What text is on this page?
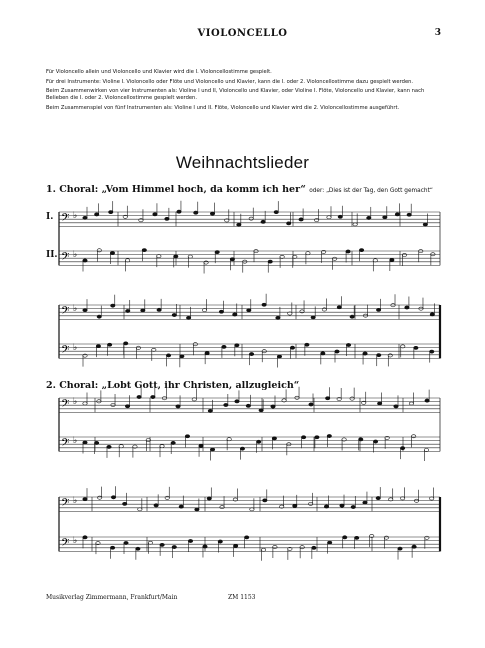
VIOLONCELLO	3

Für Violoncello allein und Violoncello und Klavier wird die I. Violoncellostimme gespielt.

Für drei Instrumente: Violine I. Violoncello oder Flöte und Violoncello und Klavier, kann die I. oder 2. Violoncellostimme dazu gespielt werden.

Beim Zusammenwirken von vier Instrumenten als: Violine I und II, Violoncello und Klavier, oder Violine I. Flöte, Violoncello und Klavier, kann nach Belieben die I. oder 2. Violoncellostimme gespielt werden.

Beim Zusammenspiel von fünf Instrumenten als: Violine I und II. Flöte, Violoncello und Klavier wird die 2. Violoncellostimme ausgeführt.

Weihnachtslieder
1. Choral: „Vom Himmel hoch, da komm ich her“ oder: „Dies ist der Tag, den Gott gemacht“
I.
II.
2. Choral: „Lobt Gott, ihr Christen, allzugleich“
𝄢 ♭
𝄢 ♭
𝄢 ♭
𝄢 ♭
𝄢 ♭
𝄢 ♭
𝄢 ♭
𝄢 ♭
Musikverlag Zimmermann, Frankfurt/Main	ZM 1153
